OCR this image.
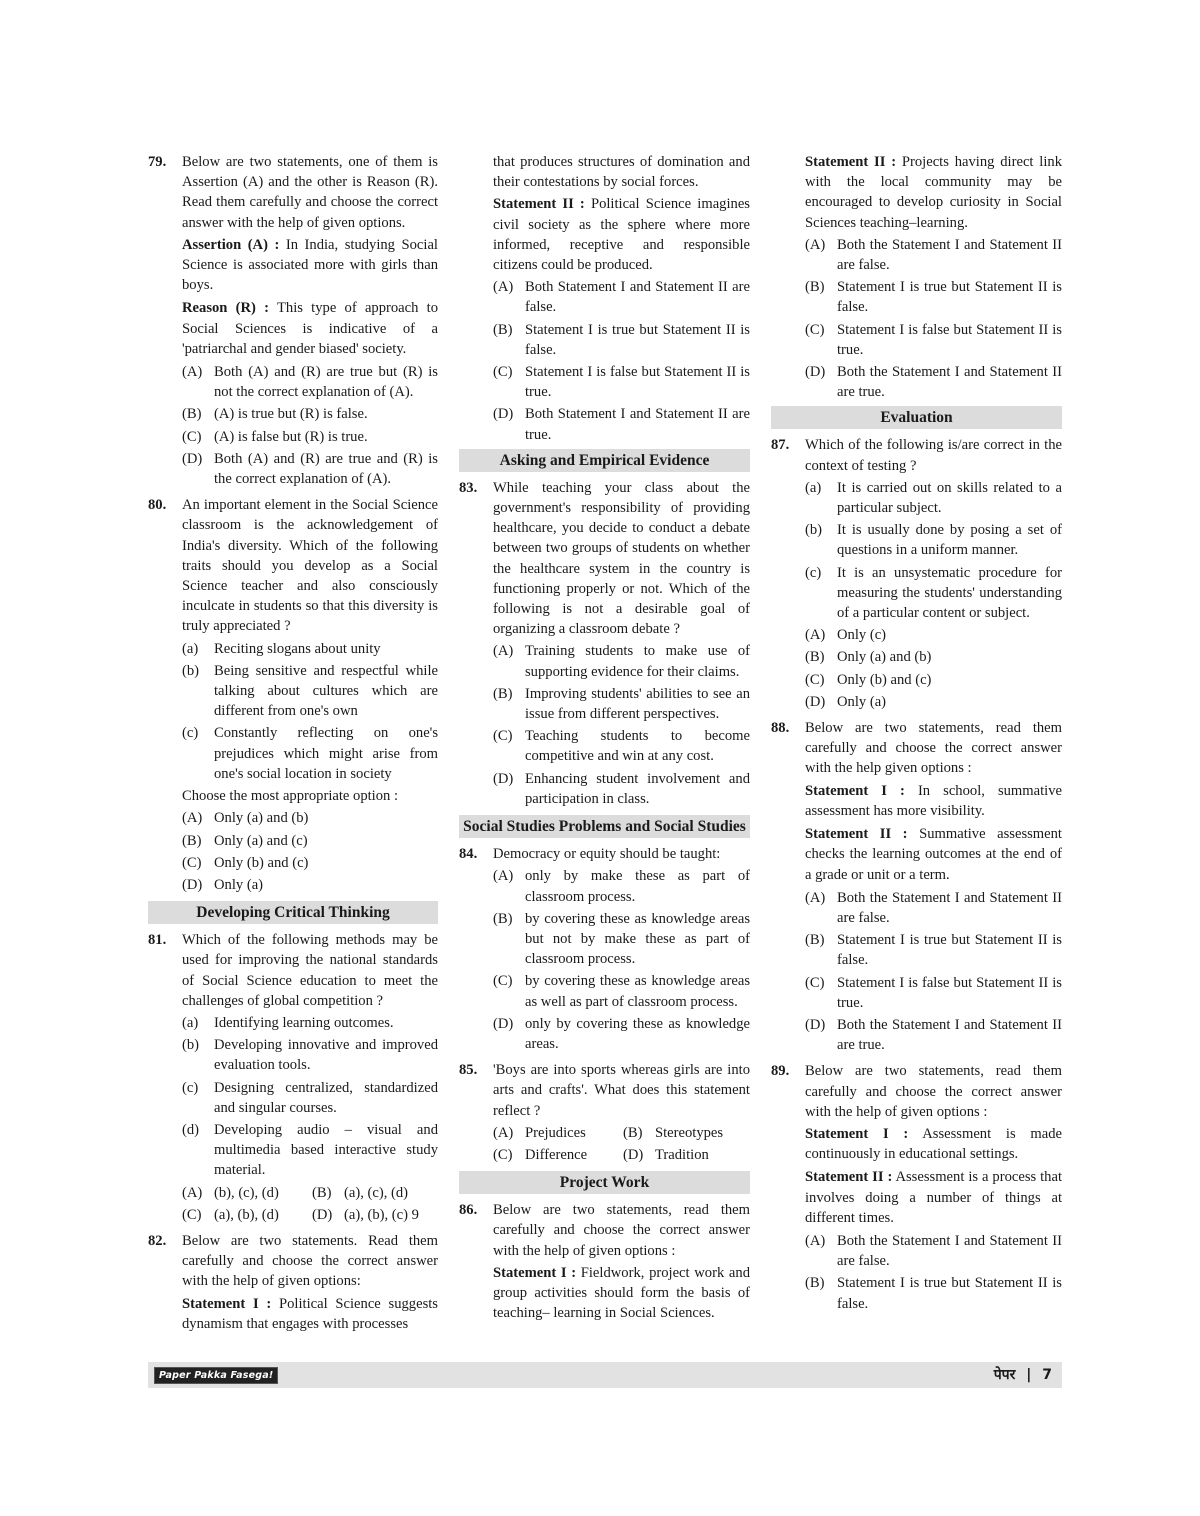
79.	Below are two statements, one of them is Assertion (A) and the other is Reason (R). Read them carefully and choose the correct answer with the help of given options.
Assertion (A) : In India, studying Social Science is associated more with girls than boys.
Reason (R) : This type of approach to Social Sciences is indicative of a 'patriarchal and gender biased' society.
(A) Both (A) and (R) are true but (R) is not the correct explanation of (A).
(B) (A) is true but (R) is false.
(C) (A) is false but (R) is true.
(D) Both (A) and (R) are true and (R) is the correct explanation of (A).
80.	An important element in the Social Science classroom is the acknowledgement of India's diversity. Which of the following traits should you develop as a Social Science teacher and also consciously inculcate in students so that this diversity is truly appreciated ?
(a)	Reciting slogans about unity
(b)	Being sensitive and respectful while talking about cultures which are different from one's own
(c)	Constantly reflecting on one's prejudices which might arise from one's social location in society
Choose the most appropriate option :
(A) Only (a) and (b)
(B) Only (a) and (c)
(C) Only (b) and (c)
(D) Only (a)
Developing Critical Thinking
81.	Which of the following methods may be used for improving the national standards of Social Science education to meet the challenges of global competition ?
(a)	Identifying learning outcomes.
(b)	Developing innovative and improved evaluation tools.
(c)	Designing centralized, standardized and singular courses.
(d)	Developing audio – visual and multimedia based interactive study material.
(A) (b), (c), (d)	(B) (a), (c), (d)
(C) (a), (b), (d)	(D) (a), (b), (c) 9
82.	Below are two statements. Read them carefully and choose the correct answer with the help of given options:
Statement I : Political Science suggests dynamism that engages with processes
that produces structures of domination and their contestations by social forces.
Statement II : Political Science imagines civil society as the sphere where more informed, receptive and responsible citizens could be produced.
(A) Both Statement I and Statement II are false.
(B) Statement I is true but Statement II is false.
(C) Statement I is false but Statement II is true.
(D) Both Statement I and Statement II are true.
Asking and Empirical Evidence
83.	While teaching your class about the government's responsibility of providing healthcare, you decide to conduct a debate between two groups of students on whether the healthcare system in the country is functioning properly or not. Which of the following is not a desirable goal of organizing a classroom debate ?
(A) Training students to make use of supporting evidence for their claims.
(B) Improving students' abilities to see an issue from different perspectives.
(C) Teaching students to become competitive and win at any cost.
(D) Enhancing student involvement and participation in class.
Social Studies Problems and Social Studies
84.	Democracy or equity should be taught:
(A) only by make these as part of classroom process.
(B) by covering these as knowledge areas but not by make these as part of classroom process.
(C) by covering these as knowledge areas as well as part of classroom process.
(D) only by covering these as knowledge areas.
85.	'Boys are into sports whereas girls are into arts and crafts'. What does this statement reflect ?
(A) Prejudices	(B) Stereotypes
(C) Difference	(D) Tradition
Project Work
86.	Below are two statements, read them carefully and choose the correct answer with the help of given options :
Statement I : Fieldwork, project work and group activities should form the basis of teaching– learning in Social Sciences.
Statement II : Projects having direct link with the local community may be encouraged to develop curiosity in Social Sciences teaching–learning.
(A) Both the Statement I and Statement II are false.
(B) Statement I is true but Statement II is false.
(C) Statement I is false but Statement II is true.
(D) Both the Statement I and Statement II are true.
Evaluation
87.	Which of the following is/are correct in the context of testing ?
(a)	It is carried out on skills related to a particular subject.
(b)	It is usually done by posing a set of questions in a uniform manner.
(c)	It is an unsystematic procedure for measuring the students' understanding of a particular content or subject.
(A) Only (c)
(B) Only (a) and (b)
(C) Only (b) and (c)
(D) Only (a)
88.	Below are two statements, read them carefully and choose the correct answer with the help given options :
Statement I : In school, summative assessment has more visibility.
Statement II : Summative assessment checks the learning outcomes at the end of a grade or unit or a term.
(A) Both the Statement I and Statement II are false.
(B) Statement I is true but Statement II is false.
(C) Statement I is false but Statement II is true.
(D) Both the Statement I and Statement II are true.
89.	Below are two statements, read them carefully and choose the correct answer with the help of given options :
Statement I : Assessment is made continuously in educational settings.
Statement II : Assessment is a process that involves doing a number of things at different times.
(A) Both the Statement I and Statement II are false.
(B) Statement I is true but Statement II is false.
Paper Pakka Fasega!	पेपर | 7
